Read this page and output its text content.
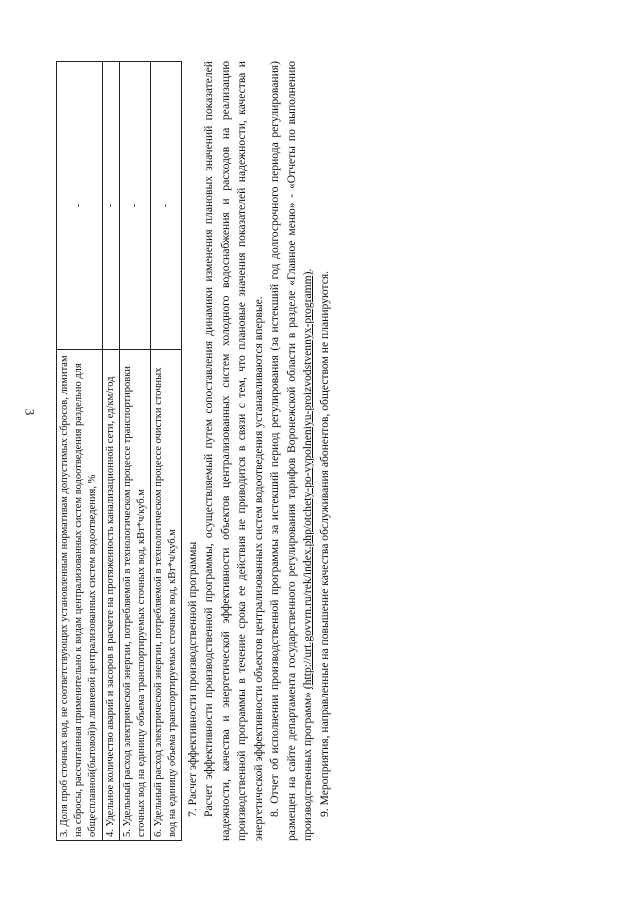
3 3. Доля проб сточных вод, не соответствующих установленным нормативам допустимых сбросов, лимитам на сбросы, рассчитанная применительно к видам централизованных систем водоотведения раздельно для общесплавной(бытовой)и ливневой централизованных систем водоотведения, %	-
4. Удельное количество аварий и засоров в расчете на протяженность канализационной сети, ед/км/год	-
5. Удельный расход электрической энергии, потребляемой в технологическом процессе транспортировки сточных вод на единицу объема транспортируемых сточных вод, кВт*ч/куб.м	-
6. Удельный расход электрической энергии, потребляемой в технологическом процессе очистки сточных вод на единицу объема транспортируемых сточных вод, кВт*ч/куб.м	-

7. Расчет эффективности производственной программы Расчет эффективности производственной программы, осуществляемый путем сопоставления динамики изменения плановых значений показателей надежности, качества и энергетической эффективности объектов централизованных систем холодного водоснабжения и расходов на реализацию производственной программы в течение срока ее действия не приводится в связи с тем, что плановые значения показателей надежности, качества и энергетической эффективности объектов централизованных систем водоотведения устанавливаются впервые. 8. Отчет об исполнении производственной программы за истекший период регулирования (за истекший год долгосрочного периода регулирования) размещен на сайте департамента государственного регулирования тарифов Воронежской области в разделе «Главное меню» - «Отчеты по выполнению производственных программ» (http://urt.govvrn.ru/rek/index.php/otchety-po-vypolneniyu-proizvodstvennyx-programm).

9. Мероприятия, направленные на повышение качества обслуживания абонентов, обществом не планируются.
